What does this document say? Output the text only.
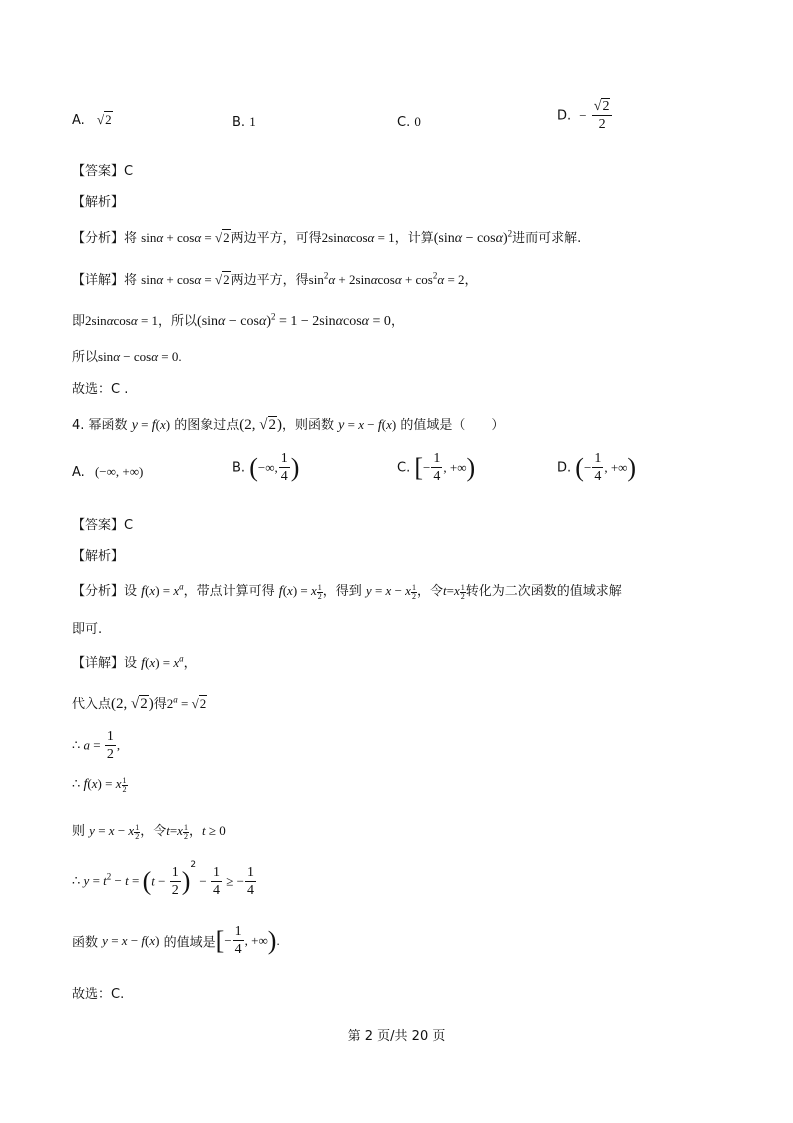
A. √2	B. 1	C. 0	D. − $\frac{√2}{2}$
【答案】C
【解析】
【分析】将 sinα + cosα = √2两边平方，可得2sinαcosα = 1，计算$(\sin\alpha - \cos\alpha)^2$进而可求解.
【详解】将 sinα + cosα = √2两边平方，得$\sin^2\alpha + 2\sin\alpha\cos\alpha + \cos^2\alpha = 2$，
即2sinαcosα = 1，所以$(\sin\alpha - \cos\alpha)^2 = 1 - 2\sin\alpha\cos\alpha = 0$，
所以sinα − cosα = 0.
故选：C .
4. 幂函数 y = f(x) 的图象过点(2, √2)，则函数 y = x − f(x) 的值域是（　　）
A. (−∞, +∞)	B. (−∞, $\frac{1}{4}$ )	C. [− $\frac{1}{4}$ , +∞)	D. (− $\frac{1}{4}$ , +∞)
【答案】C
【解析】
【分析】设 $f(x) = x^a$，带点计算可得 f(x) = x $\frac{1}{2}$ ，得到 y = x − x $\frac{1}{2}$ ，令$t=x \frac{1}{2}$ 转化为二次函数的值域求解
即可.
【详解】设 $f(x) = x^a$，
代入点(2, √2)得$2^a = √2$
∴ $a = \frac{1}{2}$ ,
∴ f(x) = x $\frac{1}{2}$
则 y = x − x $\frac{1}{2}$ ，令$t=x \frac{1}{2}$ ，t ≥ 0
∴ $y = t^2 - t = (t - \frac{1}{2} )^2 - \frac{1}{4}$ ≥ − $\frac{1}{4}$
函数 y = x − f(x) 的值域是[− $\frac{1}{4}$ , +∞).
故选：C.
第 2 页/共 20 页
